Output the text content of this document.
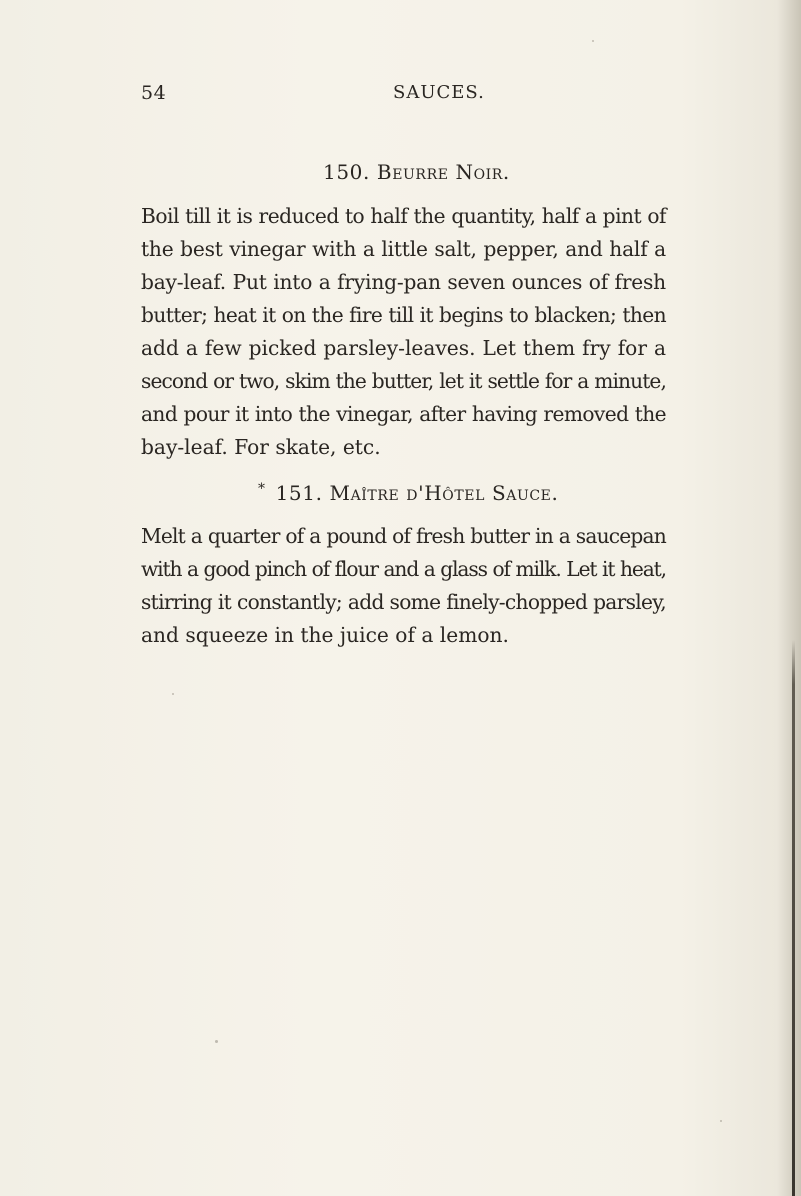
54	SAUCES.
150. Beurre Noir.
Boil till it is reduced to half the quantity, half a pint of
the best vinegar with a little salt, pepper, and half a
bay-leaf. Put into a frying-pan seven ounces of fresh
butter; heat it on the fire till it begins to blacken; then
add a few picked parsley-leaves. Let them fry for a
second or two, skim the butter, let it settle for a minute,
and pour it into the vinegar, after having removed the
bay-leaf. For skate, etc.
* 151. Maître d'Hôtel Sauce.
Melt a quarter of a pound of fresh butter in a saucepan
with a good pinch of flour and a glass of milk. Let it heat,
stirring it constantly; add some finely-chopped parsley,
and squeeze in the juice of a lemon.
